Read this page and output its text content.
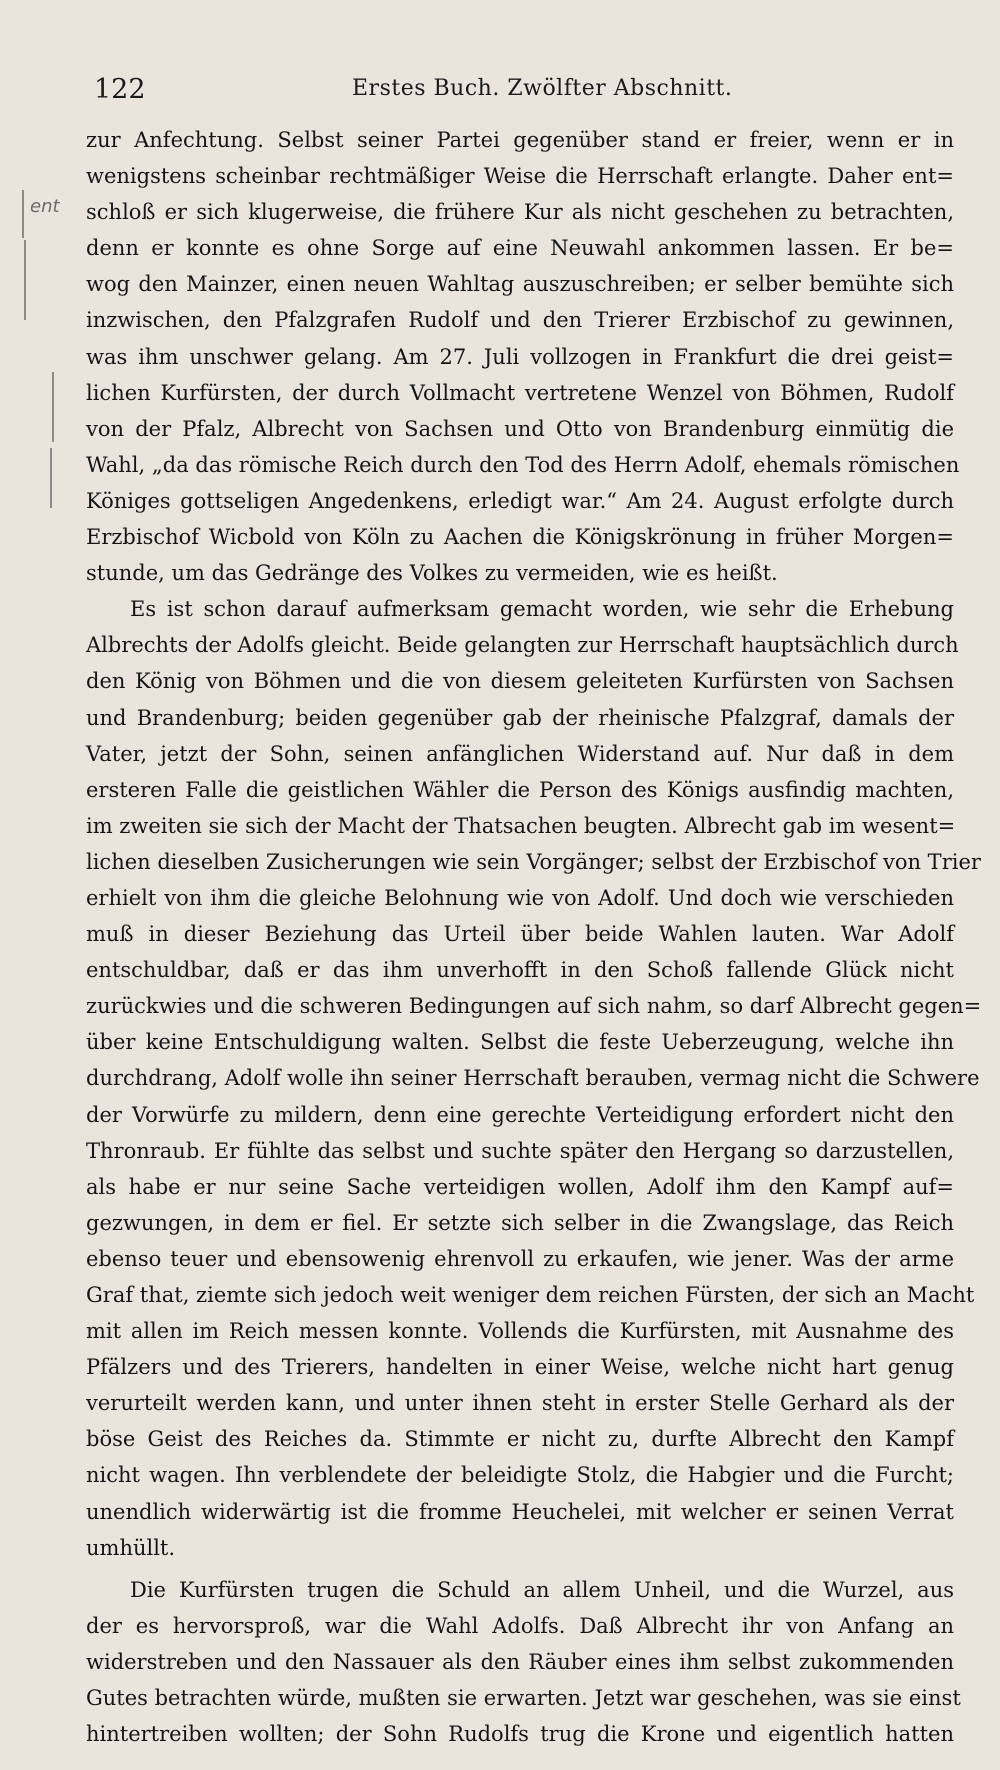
122	Erstes Buch. Zwölfter Abschnitt.
ent

zur Anfechtung. Selbst seiner Partei gegenüber stand er freier, wenn er in
wenigstens scheinbar rechtmäßiger Weise die Herrschaft erlangte. Daher ent=
schloß er sich klugerweise, die frühere Kur als nicht geschehen zu betrachten,
denn er konnte es ohne Sorge auf eine Neuwahl ankommen lassen. Er be=
wog den Mainzer, einen neuen Wahltag auszuschreiben; er selber bemühte sich
inzwischen, den Pfalzgrafen Rudolf und den Trierer Erzbischof zu gewinnen,
was ihm unschwer gelang. Am 27. Juli vollzogen in Frankfurt die drei geist=
lichen Kurfürsten, der durch Vollmacht vertretene Wenzel von Böhmen, Rudolf
von der Pfalz, Albrecht von Sachsen und Otto von Brandenburg einmütig die
Wahl, „da das römische Reich durch den Tod des Herrn Adolf, ehemals römischen
Königes gottseligen Angedenkens, erledigt war.“ Am 24. August erfolgte durch
Erzbischof Wicbold von Köln zu Aachen die Königskrönung in früher Morgen=
stunde, um das Gedränge des Volkes zu vermeiden, wie es heißt.

Es ist schon darauf aufmerksam gemacht worden, wie sehr die Erhebung
Albrechts der Adolfs gleicht. Beide gelangten zur Herrschaft hauptsächlich durch
den König von Böhmen und die von diesem geleiteten Kurfürsten von Sachsen
und Brandenburg; beiden gegenüber gab der rheinische Pfalzgraf, damals der
Vater, jetzt der Sohn, seinen anfänglichen Widerstand auf. Nur daß in dem
ersteren Falle die geistlichen Wähler die Person des Königs ausfindig machten,
im zweiten sie sich der Macht der Thatsachen beugten. Albrecht gab im wesent=
lichen dieselben Zusicherungen wie sein Vorgänger; selbst der Erzbischof von Trier
erhielt von ihm die gleiche Belohnung wie von Adolf. Und doch wie verschieden
muß in dieser Beziehung das Urteil über beide Wahlen lauten. War Adolf
entschuldbar, daß er das ihm unverhofft in den Schoß fallende Glück nicht
zurückwies und die schweren Bedingungen auf sich nahm, so darf Albrecht gegen=
über keine Entschuldigung walten. Selbst die feste Ueberzeugung, welche ihn
durchdrang, Adolf wolle ihn seiner Herrschaft berauben, vermag nicht die Schwere
der Vorwürfe zu mildern, denn eine gerechte Verteidigung erfordert nicht den
Thronraub. Er fühlte das selbst und suchte später den Hergang so darzustellen,
als habe er nur seine Sache verteidigen wollen, Adolf ihm den Kampf auf=
gezwungen, in dem er fiel. Er setzte sich selber in die Zwangslage, das Reich
ebenso teuer und ebensowenig ehrenvoll zu erkaufen, wie jener. Was der arme
Graf that, ziemte sich jedoch weit weniger dem reichen Fürsten, der sich an Macht
mit allen im Reich messen konnte. Vollends die Kurfürsten, mit Ausnahme des
Pfälzers und des Trierers, handelten in einer Weise, welche nicht hart genug
verurteilt werden kann, und unter ihnen steht in erster Stelle Gerhard als der
böse Geist des Reiches da. Stimmte er nicht zu, durfte Albrecht den Kampf
nicht wagen. Ihn verblendete der beleidigte Stolz, die Habgier und die Furcht;
unendlich widerwärtig ist die fromme Heuchelei, mit welcher er seinen Verrat
umhüllt.

Die Kurfürsten trugen die Schuld an allem Unheil, und die Wurzel, aus
der es hervorsproß, war die Wahl Adolfs. Daß Albrecht ihr von Anfang an
widerstreben und den Nassauer als den Räuber eines ihm selbst zukommenden
Gutes betrachten würde, mußten sie erwarten. Jetzt war geschehen, was sie einst
hintertreiben wollten; der Sohn Rudolfs trug die Krone und eigentlich hatten
